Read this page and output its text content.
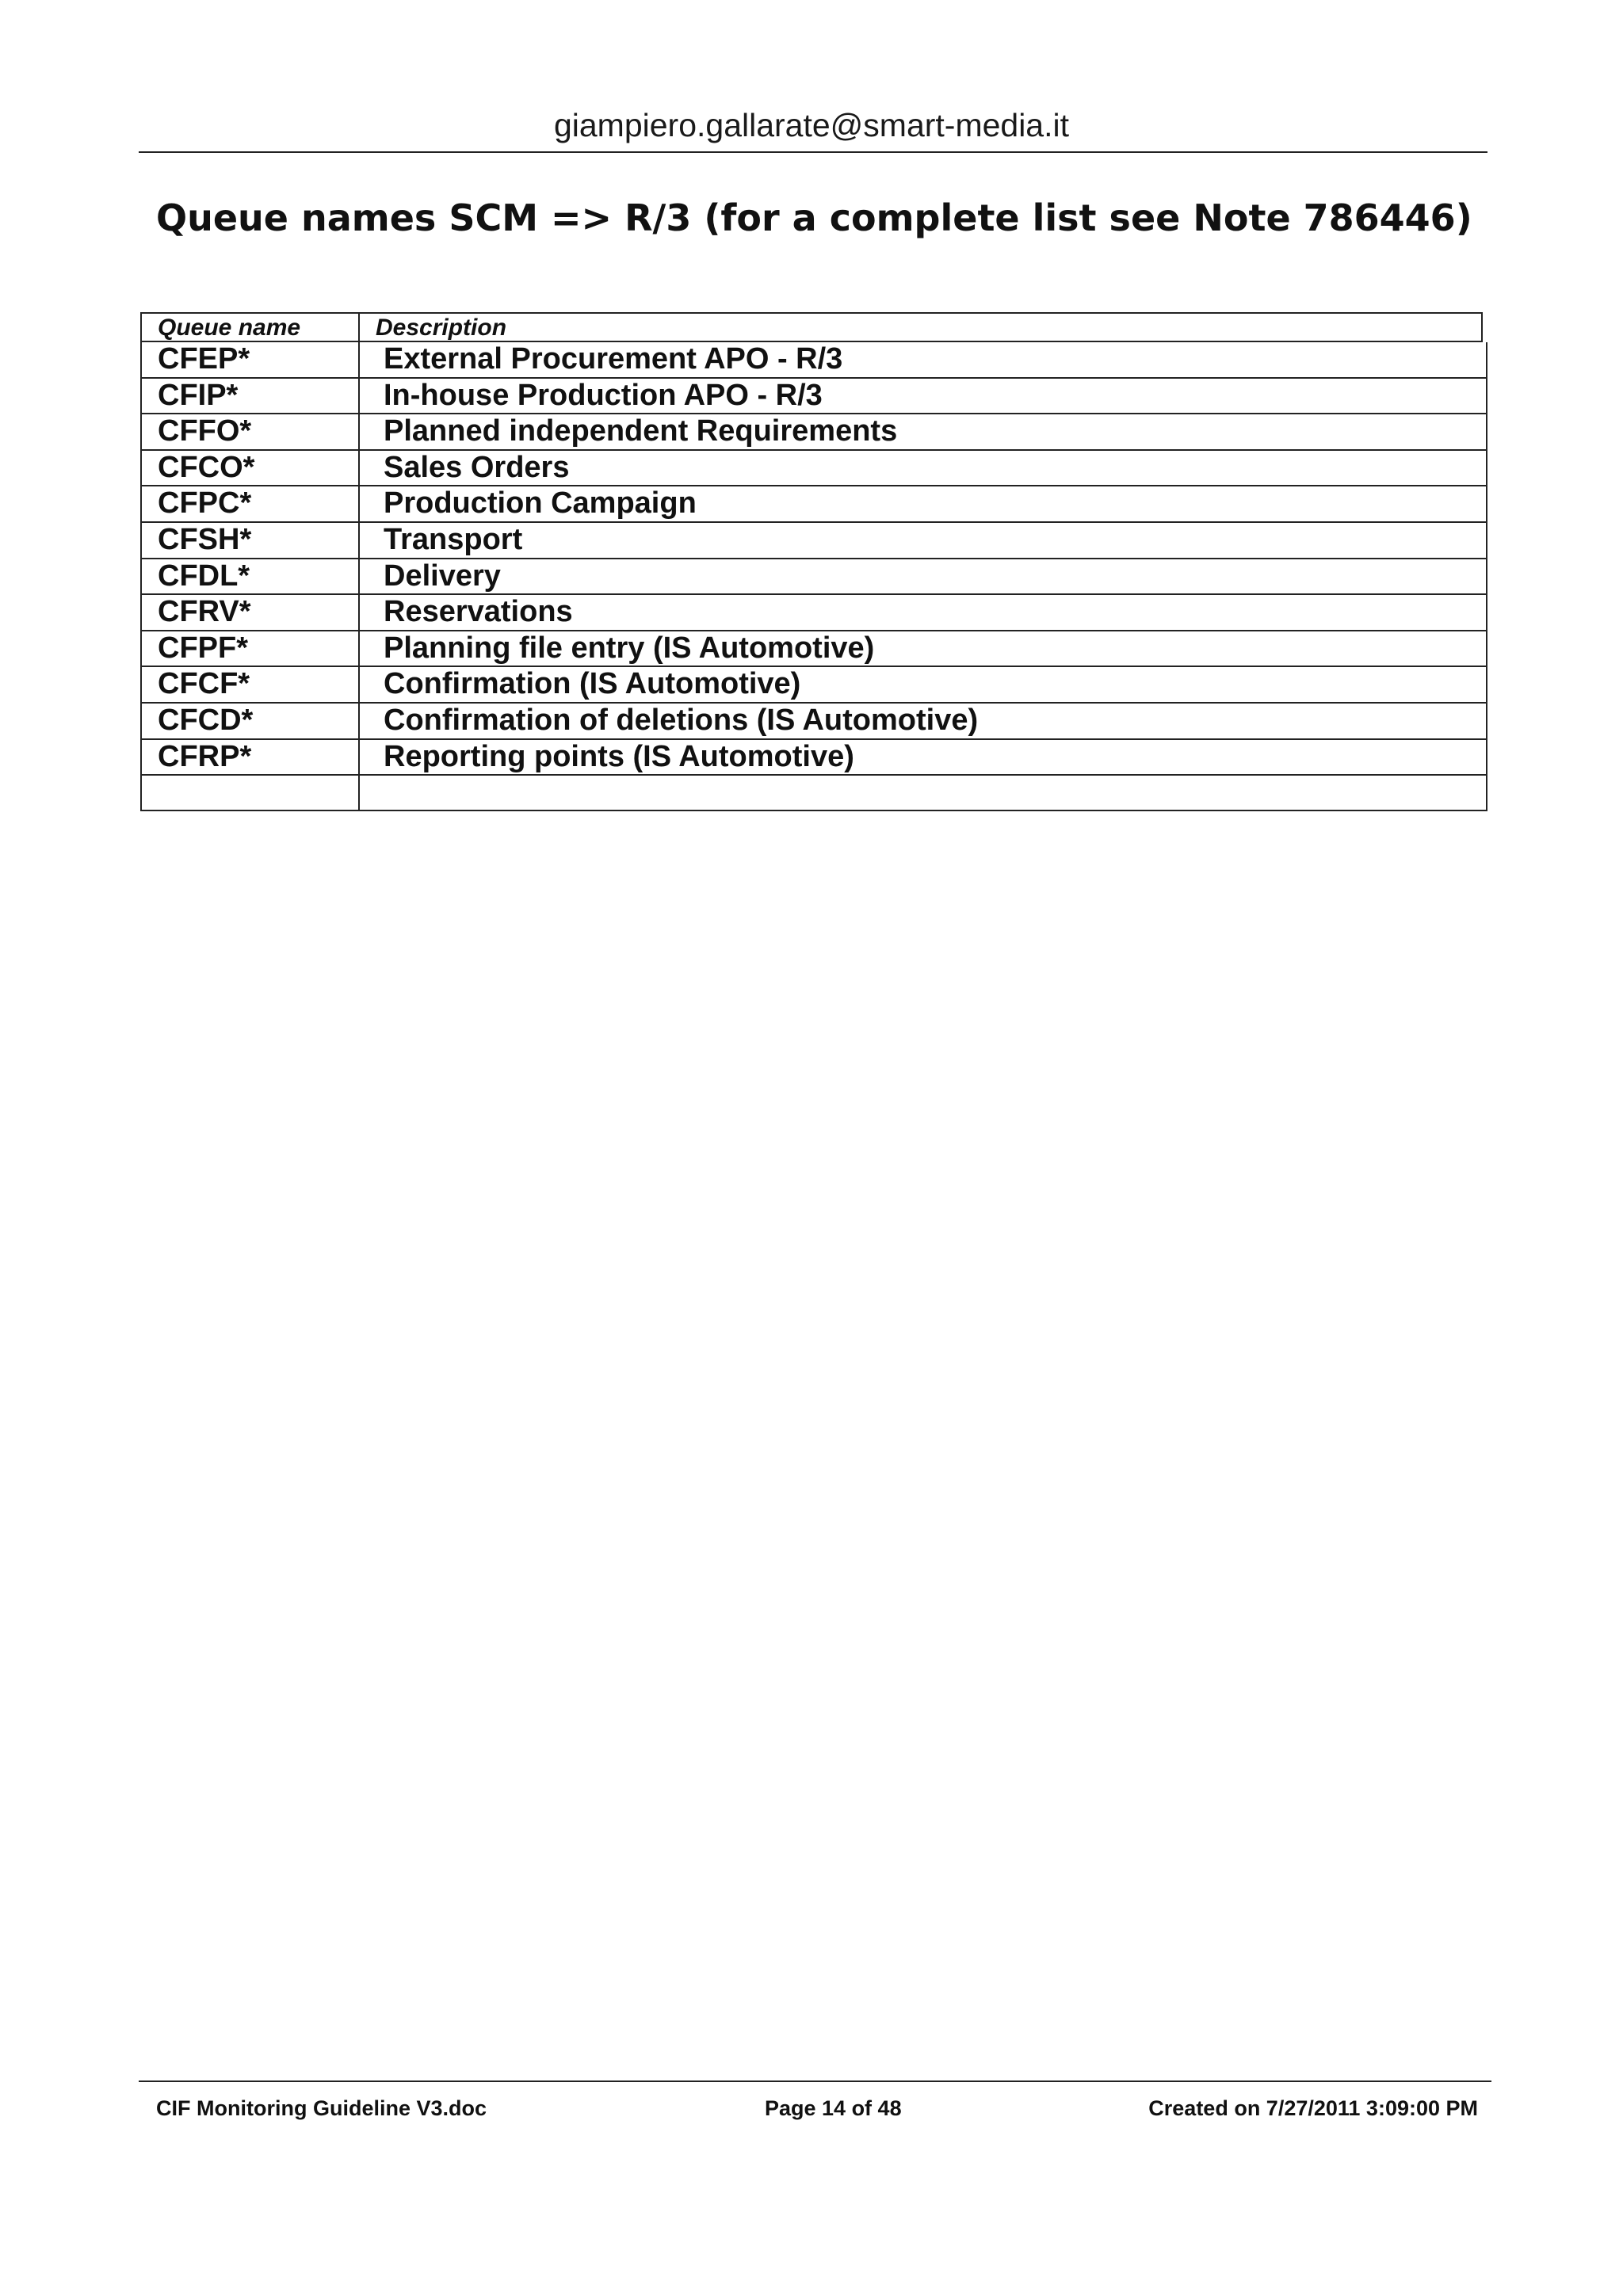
giampiero.gallarate@smart-media.it
Queue names SCM => R/3 (for a complete list see Note 786446)
Queue name	Description
CFEP*	External Procurement APO - R/3
CFIP*	In-house Production APO - R/3
CFFO*	Planned independent Requirements
CFCO*	Sales Orders
CFPC*	Production Campaign
CFSH*	Transport
CFDL*	Delivery
CFRV*	Reservations
CFPF*	Planning file entry (IS Automotive)
CFCF*	Confirmation (IS Automotive)
CFCD*	Confirmation of deletions (IS Automotive)
CFRP*	Reporting points (IS Automotive)
CIF Monitoring Guideline V3.doc	Page 14 of 48	Created on 7/27/2011 3:09:00 PM
